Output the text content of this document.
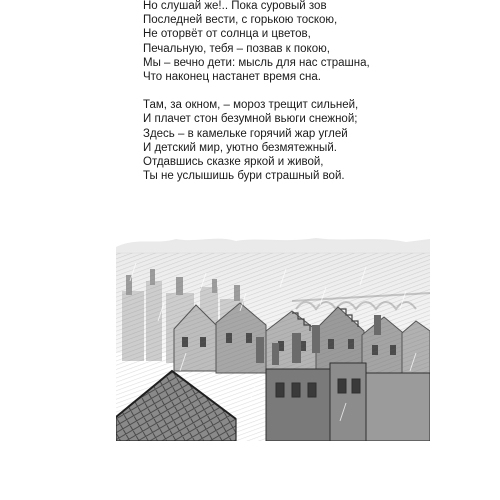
Но слушай же!.. Пока суровый зов
Последней вести, с горькою тоскою,
Не оторвёт от солнца и цветов,
Печальную, тебя – позвав к покою,
Мы – вечно дети: мысль для нас страшна,
Что наконец настанет время сна.
Там, за окном, – мороз трещит сильней,
И плачет стон безумной вьюги снежной;
Здесь – в камельке горячий жар углей
И детский мир, уютно безмятежный.
Отдавшись сказке яркой и живой,
Ты не услышишь бури страшный вой.
